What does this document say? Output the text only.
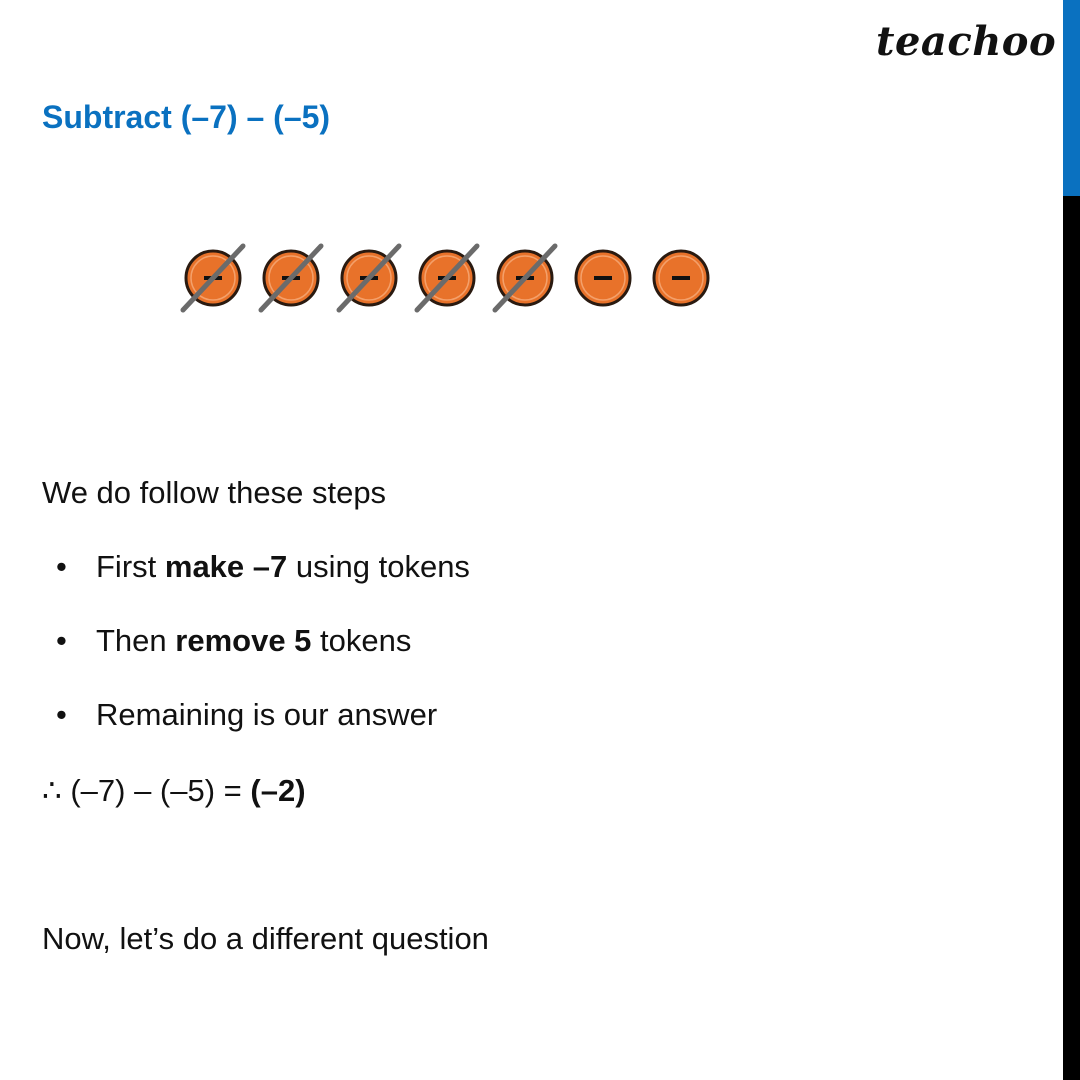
teachoo
Subtract (–7) – (–5)
We do follow these steps
• First make –7 using tokens
• Then remove 5 tokens
• Remaining is our answer
∴ (–7) – (–5) = (–2)
Now, let’s do a different question
